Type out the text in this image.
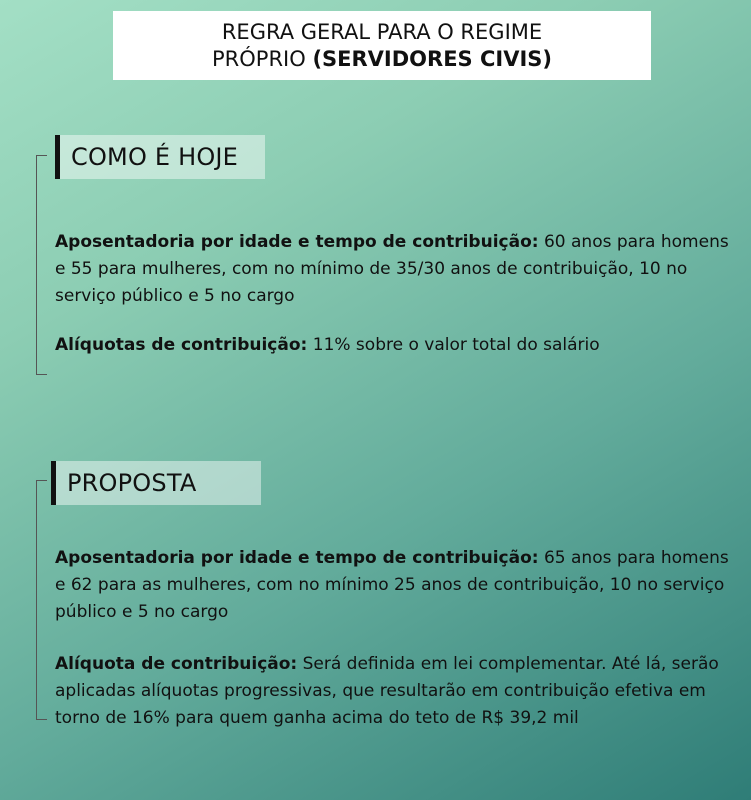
REGRA GERAL PARA O REGIME
PRÓPRIO (SERVIDORES CIVIS)
COMO É HOJE
Aposentadoria por idade e tempo de contribuição: 60 anos para homens e 55 para mulheres, com no mínimo de 35/30 anos de contribuição, 10 no serviço público e 5 no cargo
Alíquotas de contribuição: 11% sobre o valor total do salário
PROPOSTA
Aposentadoria por idade e tempo de contribuição: 65 anos para homens e 62 para as mulheres, com no mínimo 25 anos de contribuição, 10 no serviço público e 5 no cargo
Alíquota de contribuição: Será definida em lei complementar. Até lá, serão aplicadas alíquotas progressivas, que resultarão em contribuição efetiva em torno de 16% para quem ganha acima do teto de R$ 39,2 mil
